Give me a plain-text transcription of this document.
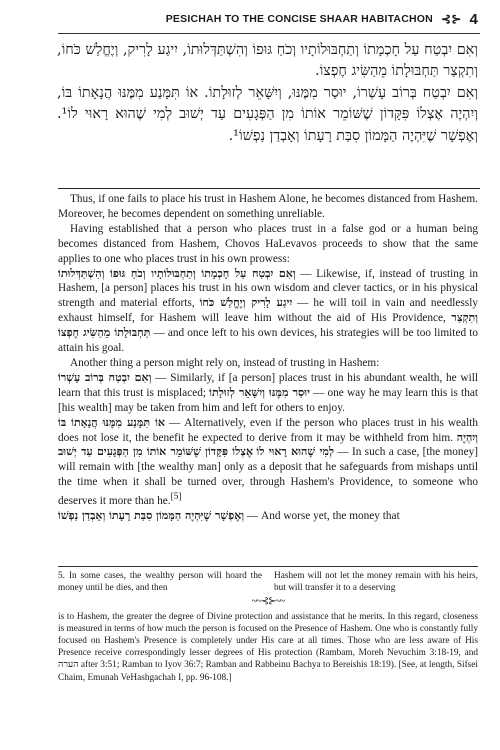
PESICHAH TO THE CONCISE SHAAR HABITACHON ⊰⊱ 4

וְאִם יִבְטַח עַל חָכְמָתוֹ וְתַחְבּוּלוֹתָיו וְכֹחַ גּוּפוֹ וְהִשְׁתַּדְּלוּתוֹ, יִיגַע לָרִיק, וְיֶחֱלַשׁ כֹּחוֹ, וְתִקְצַר תַּחְבּוּלָתוֹ מֵהַשִּׂיג חֶפְצוֹ.

וְאִם יִבְטַח בְּרוֹב עָשְׁרוֹ, יוּסַר מִמֶּנּוּ, וְיִשָּׁאֵר לְזוּלָתוֹ. אוֹ תִּמָּנַע מִמֶּנּוּ הֲנָאָתוֹ בּוֹ, וְיִהְיֶה אֶצְלוֹ פִּקָּדוֹן שֶׁשּׁוֹמֵר אוֹתוֹ מִן הַפְּגָעִים עַד יְשׁוּב לְמִי שֶׁהוּא רָאוּי לוֹ¹. וְאֶפְשָׁר שֶׁיִּהְיֶה הַמָּמוֹן סִבַּת רָעָתוֹ וְאָבְדַן נַפְשׁוֹ¹.

Thus, if one fails to place his trust in Hashem Alone, he becomes distanced from Hashem. Moreover, he becomes dependent on something unreliable.

Having established that a person who places trust in a false god or a human being becomes distanced from Hashem, Chovos HaLevavos proceeds to show that the same applies to one who places trust in his own prowess:

וְאִם יִבְטַח עַל חָכְמָתוֹ וְתַחְבּוּלוֹתָיו וְכֹחַ גּוּפוֹ וְהִשְׁתַּדְּלוּתוֹ — Likewise, if, instead of trusting in Hashem, [a person] places his trust in his own wisdom and clever tactics, or in his physical strength and material efforts, יִיגַע לָרִיק וְיֶחֱלַשׁ כֹּחוֹ — he will toil in vain and needlessly exhaust himself, for Hashem will leave him without the aid of His Providence, וְתִקְצַר תַּחְבּוּלָתוֹ מֵהַשִּׂיג חֶפְצוֹ — and once left to his own devices, his strategies will be too limited to attain his goal.

Another thing a person might rely on, instead of trusting in Hashem:

וְאִם יִבְטַח בְּרוֹב עָשְׁרוֹ — Similarly, if [a person] places trust in his abundant wealth, he will learn that this trust is misplaced; יוּסַר מִמֶּנּוּ וְיִשָּׁאֵר לְזוּלָתוֹ — one way he may learn this is that [his wealth] may be taken from him and left for others to enjoy.

אוֹ תִּמָּנַע מִמֶּנּוּ הֲנָאָתוֹ בּוֹ — Alternatively, even if the person who places trust in his wealth does not lose it, the benefit he expected to derive from it may be withheld from him. וְיִהְיֶה אֶצְלוֹ פִּקָּדוֹן שֶׁשּׁוֹמֵר אוֹתוֹ מִן הַפְּגָעִים עַד יְשׁוּב לְמִי שֶׁהוּא רָאוּי לוֹ — In such a case, [the money] will remain with [the wealthy man] only as a deposit that he safeguards from mishaps until the time when it shall be turned over, through Hashem's Providence, to someone who deserves it more than he.[5]

וְאֶפְשָׁר שֶׁיִּהְיֶה הַמָּמוֹן סִבַּת רָעָתוֹ וְאָבְדַן נַפְשׁוֹ — And worse yet, the money that

5. In some cases, the wealthy person will hoard the money until he dies, and then
Hashem will not let the money remain with his heirs, but will transfer it to a deserving
~~⊰⊱~~
is to Hashem, the greater the degree of Divine protection and assistance that he merits. In this regard, closeness is measured in terms of how much the person is focused on the Presence of Hashem. One who is constantly fully focused on Hashem's Presence is completely under His care at all times. Those who are less aware of His Presence receive correspondingly lesser degrees of His protection (Rambam, Moreh Nevuchim 3:18-19, and הערה after 3:51; Ramban to Iyov 36:7; Ramban and Rabbeinu Bachya to Bereishis 18:19). [See, at length, Sifsei Chaim, Emunah VeHashgachah I, pp. 96-108.]
